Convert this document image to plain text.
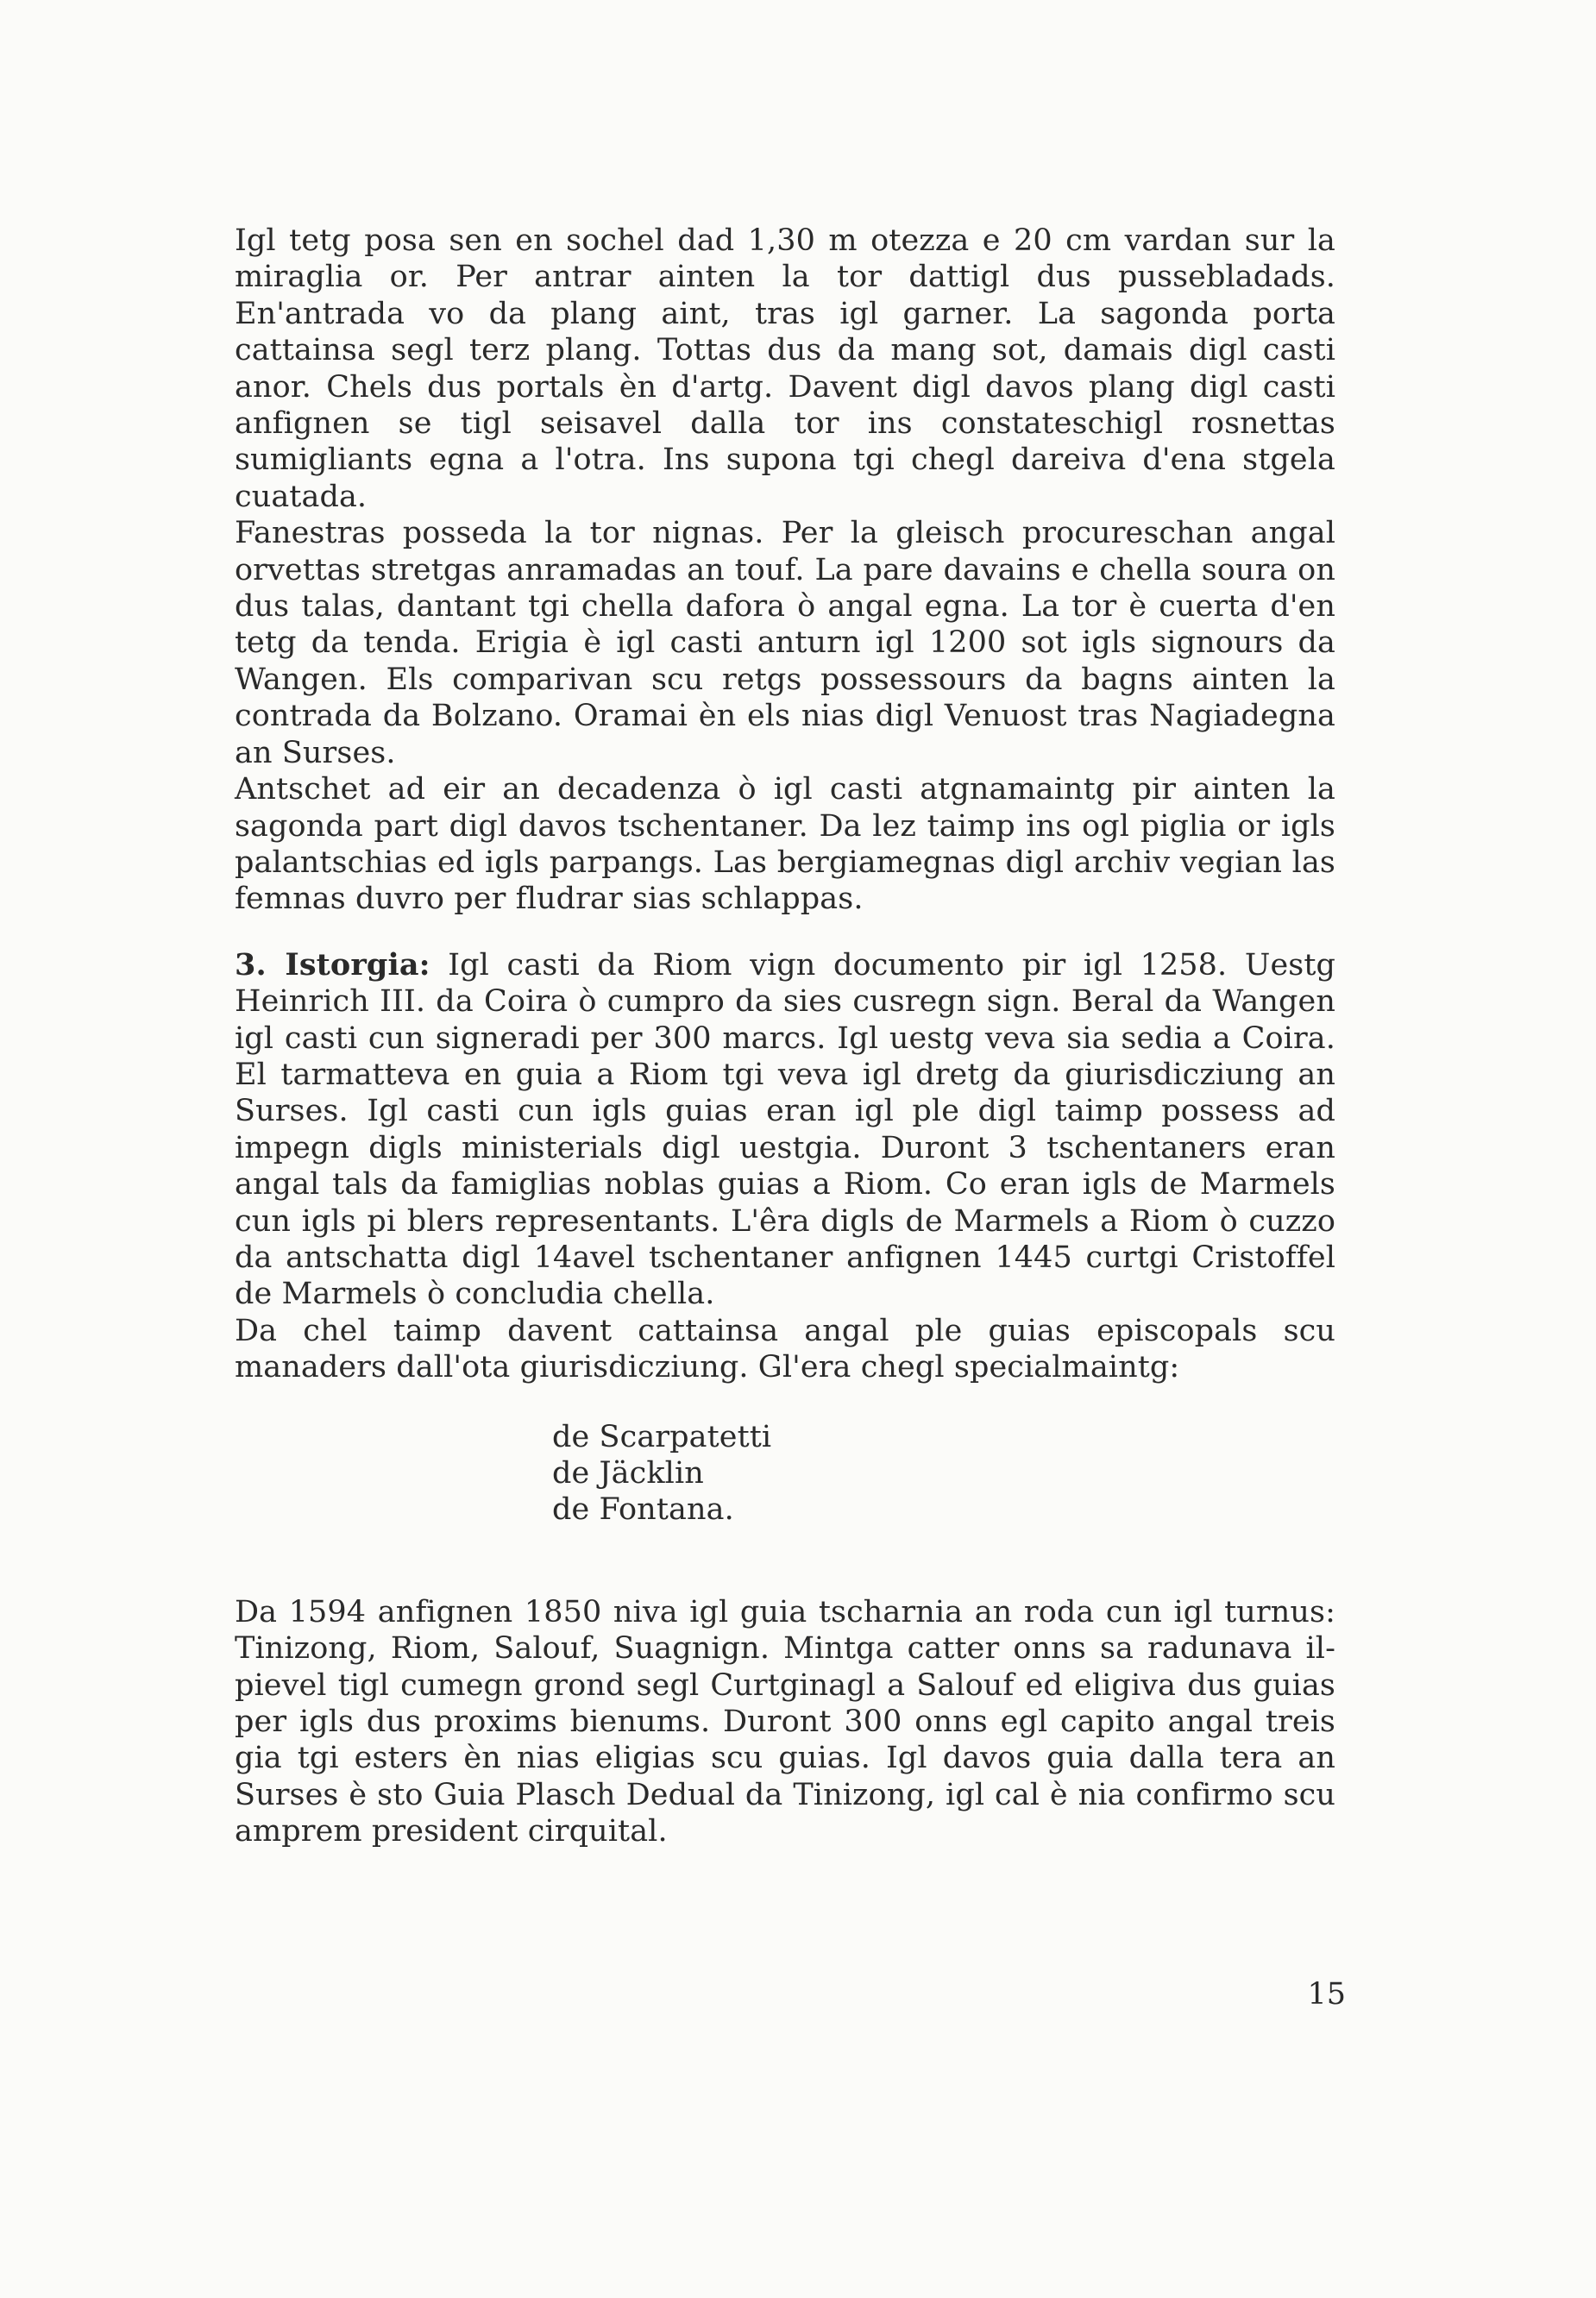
Igl tetg posa sen en sochel dad 1,30 m otezza e 20 cm vardan sur la miraglia or. Per antrar ainten la tor dattigl dus pussebladads. En'antrada vo da plang aint, tras igl garner. La sagonda porta cattainsa segl terz plang. Tottas dus da mang sot, damais digl casti anor. Chels dus portals èn d'artg. Davent digl davos plang digl casti anfignen se tigl seisavel dalla tor ins constateschigl rosnettas sumigliants egna a l'otra. Ins supona tgi chegl dareiva d'ena stgela cuatada.

Fanestras posseda la tor nignas. Per la gleisch procureschan angal orvettas stretgas anramadas an touf. La pare davains e chella soura on dus talas, dantant tgi chella dafora ò angal egna. La tor è cuerta d'en tetg da tenda. Erigia è igl casti anturn igl 1200 sot igls signours da Wangen. Els comparivan scu retgs possessours da bagns ainten la contrada da Bolzano. Oramai èn els nias digl Venuost tras Nagiadegna an Surses.

Antschet ad eir an decadenza ò igl casti atgnamaintg pir ainten la sagonda part digl davos tschentaner. Da lez taimp ins ogl piglia or igls palantschias ed igls parpangs. Las bergiamegnas digl archiv vegian las femnas duvro per fludrar sias schlappas.

3. Istorgia: Igl casti da Riom vign documento pir igl 1258. Uestg Heinrich III. da Coira ò cumpro da sies cusregn sign. Beral da Wangen igl casti cun signeradi per 300 marcs. Igl uestg veva sia sedia a Coira. El tarmatteva en guia a Riom tgi veva igl dretg da giurisdicziung an Surses. Igl casti cun igls guias eran igl ple digl taimp possess ad impegn digls ministerials digl uestgia. Duront 3 tschentaners eran angal tals da famiglias noblas guias a Riom. Co eran igls de Marmels cun igls pi blers representants. L'êra digls de Marmels a Riom ò cuzzo da antschatta digl 14avel tschentaner anfignen 1445 curtgi Cristoffel de Marmels ò concludia chella.

Da chel taimp davent cattainsa angal ple guias episcopals scu manaders dall'ota giurisdicziung. Gl'era chegl specialmaintg:

de Scarpatetti
de Jäcklin
de Fontana.

Da 1594 anfignen 1850 niva igl guia tscharnia an roda cun igl turnus: Tinizong, Riom, Salouf, Suagnign. Mintga catter onns sa radunava il-pievel tigl cumegn grond segl Curtginagl a Salouf ed eligiva dus guias per igls dus proxims bienums. Duront 300 onns egl capito angal treis gia tgi esters èn nias eligias scu guias. Igl davos guia dalla tera an Surses è sto Guia Plasch Dedual da Tinizong, igl cal è nia confirmo scu amprem president cirquital.

15
